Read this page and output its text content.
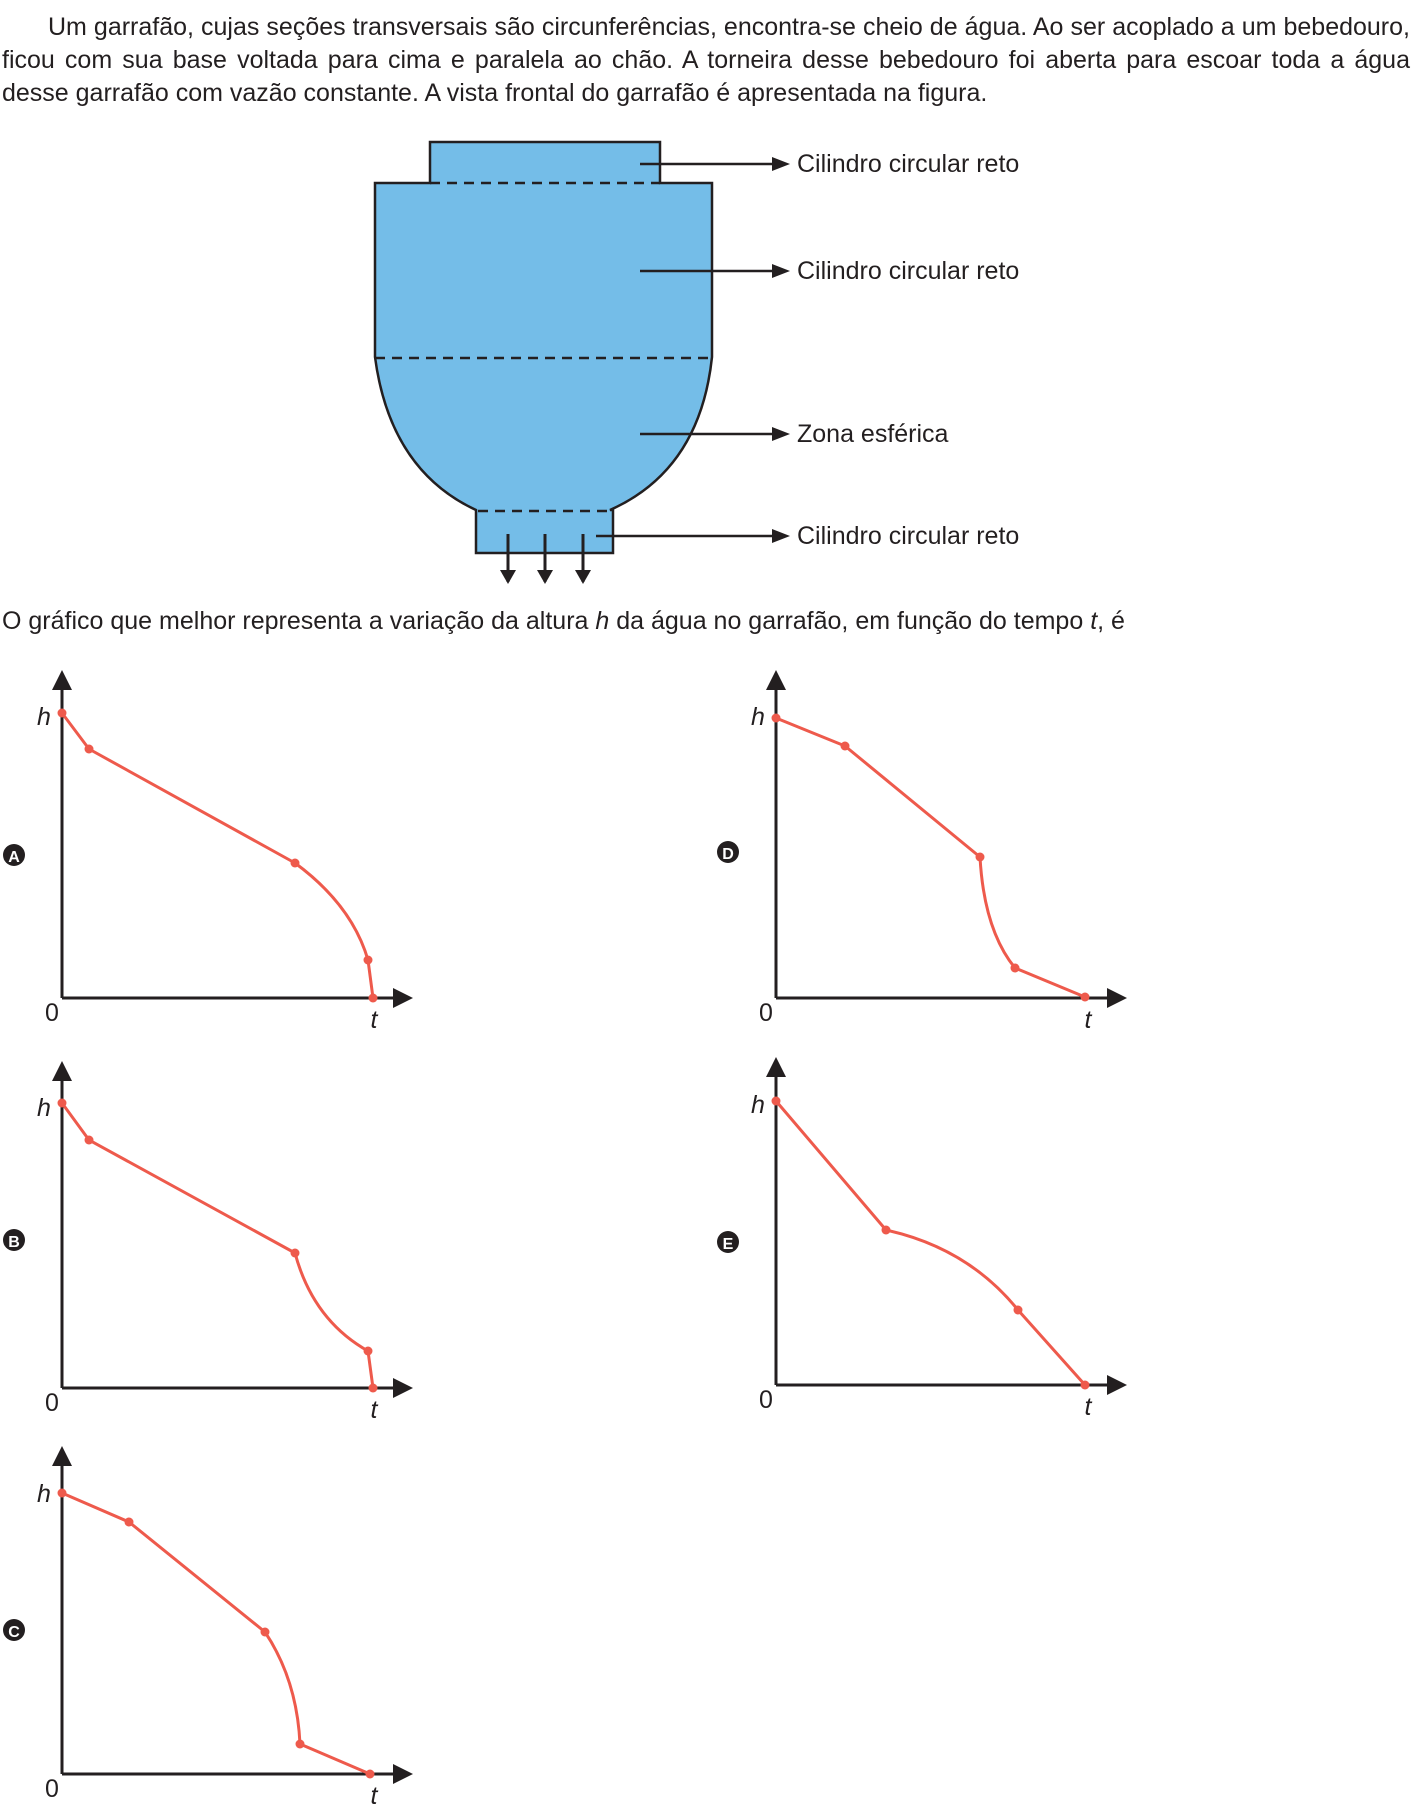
Um garrafão, cujas seções transversais são circunferências, encontra-se cheio de água. Ao ser acoplado a um bebedouro, ficou com sua base voltada para cima e paralela ao chão. A torneira desse bebedouro foi aberta para escoar toda a água desse garrafão com vazão constante. A vista frontal do garrafão é apresentada na figura.

O gráfico que melhor representa a variação da altura h da água no garrafão, em função do tempo t, é

Cilindro circular reto
Cilindro circular reto
Zona esférica
Cilindro circular reto
A
h
0	t
B
h
0	t
C
h
0	t
D
h
0	t
E
h
0	t
